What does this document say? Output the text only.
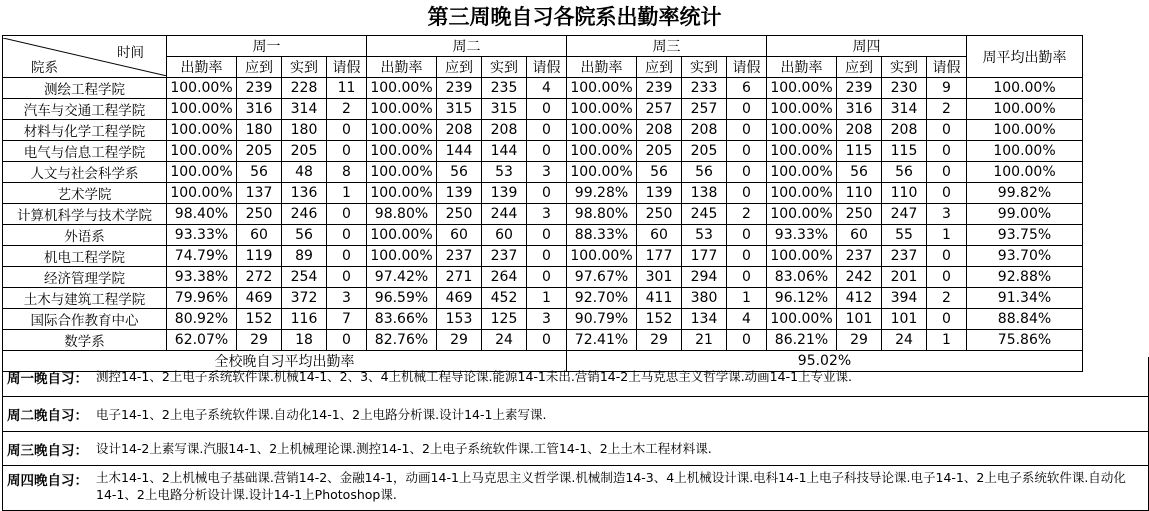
第三周晚自习各院系出勤率统计
时间
院系	周一				周二				周三				周四				周平均出勤率
	出勤率	应到	实到	请假	出勤率	应到	实到	请假	出勤率	应到	实到	请假	出勤率	应到	实到	请假	
测绘工程学院	100.00%	239	228	11	100.00%	239	235	4	100.00%	239	233	6	100.00%	239	230	9	100.00%
汽车与交通工程学院	100.00%	316	314	2	100.00%	315	315	0	100.00%	257	257	0	100.00%	316	314	2	100.00%
材料与化学工程学院	100.00%	180	180	0	100.00%	208	208	0	100.00%	208	208	0	100.00%	208	208	0	100.00%
电气与信息工程学院	100.00%	205	205	0	100.00%	144	144	0	100.00%	205	205	0	100.00%	115	115	0	100.00%
人文与社会科学系	100.00%	56	48	8	100.00%	56	53	3	100.00%	56	56	0	100.00%	56	56	0	100.00%
艺术学院	100.00%	137	136	1	100.00%	139	139	0	99.28%	139	138	0	100.00%	110	110	0	99.82%
计算机科学与技术学院	98.40%	250	246	0	98.80%	250	244	3	98.80%	250	245	2	100.00%	250	247	3	99.00%
外语系	93.33%	60	56	0	100.00%	60	60	0	88.33%	60	53	0	93.33%	60	55	1	93.75%
机电工程学院	74.79%	119	89	0	100.00%	237	237	0	100.00%	177	177	0	100.00%	237	237	0	93.70%
经济管理学院	93.38%	272	254	0	97.42%	271	264	0	97.67%	301	294	0	83.06%	242	201	0	92.88%
土木与建筑工程学院	79.96%	469	372	3	96.59%	469	452	1	92.70%	411	380	1	96.12%	412	394	2	91.34%
国际合作教育中心	80.92%	152	116	7	83.66%	153	125	3	90.79%	152	134	4	100.00%	101	101	0	88.84%
数学系	62.07%	29	18	0	82.76%	29	24	0	72.41%	29	21	0	86.21%	29	24	1	75.86%
全校晚自习平均出勤率									95.02%								
周一晚自习： 测控14-1、2上电子系统软件课.机械14-1、2、3、4上机械工程导论课.能源14-1未出.营销14-2上马克思主义哲学课.动画14-1上专业课.
周二晚自习： 电子14-1、2上电子系统软件课.自动化14-1、2上电路分析课.设计14-1上素写课.
周三晚自习： 设计14-2上素写课.汽服14-1、2上机械理论课.测控14-1、2上电子系统软件课.工管14-1、2上土木工程材料课.
周四晚自习： 土木14-1、2上机械电子基础课.营销14-2、金融14-1，动画14-1上马克思主义哲学课.机械制造14-3、4上机械设计课.电科14-1上电子科技导论课.电子14-1、2上电子系统软件课.自动化14-1、2上电路分析设计课.设计14-1上Photoshop课.
